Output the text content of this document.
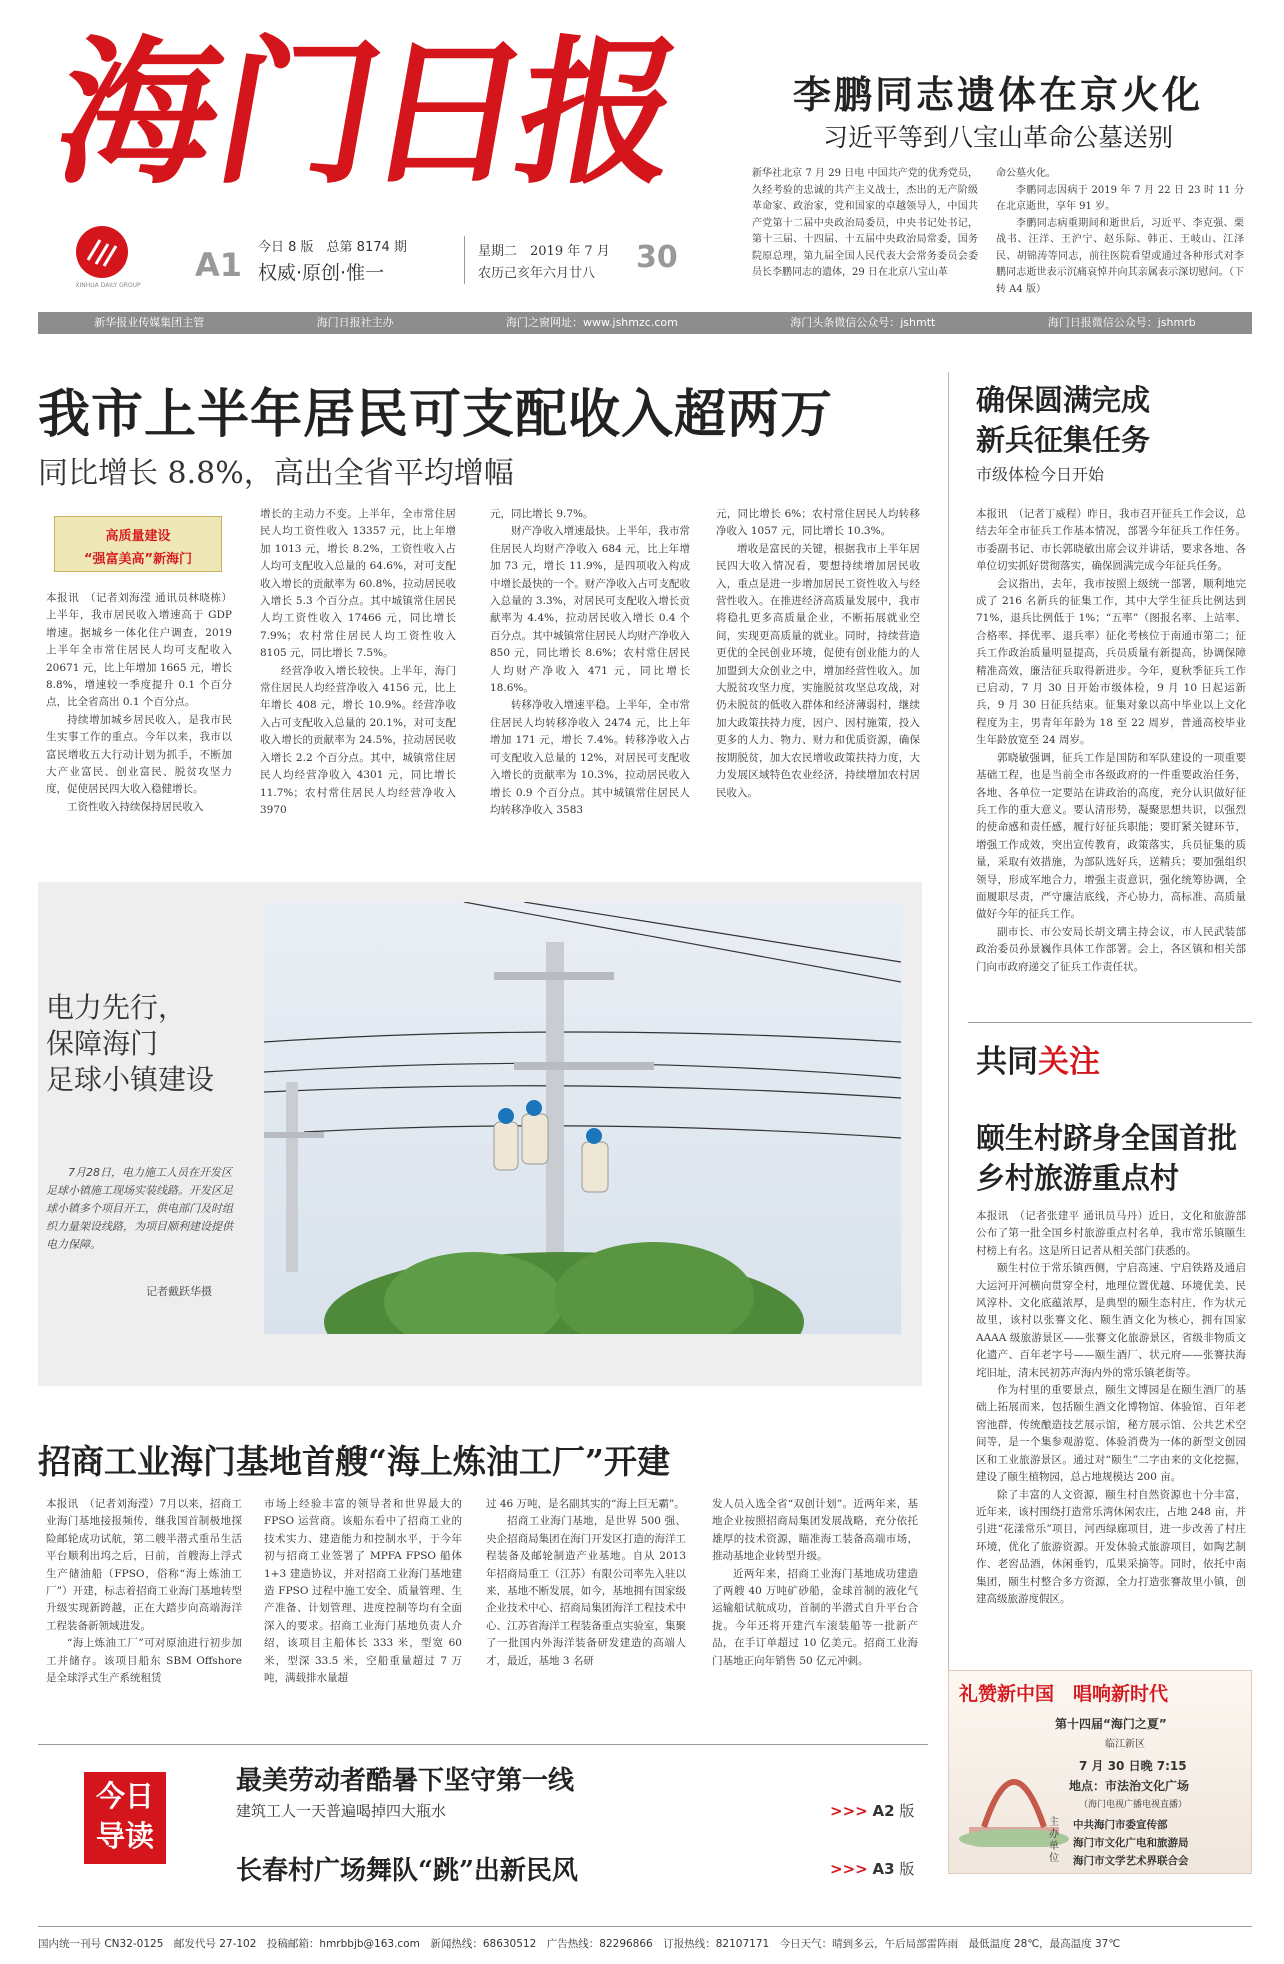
海
门
日
报
XINHUA DAILY GROUP
A1 今日 8 版　总第 8174 期
权威·原创·惟一
星期二　2019 年 7 月
农历己亥年六月廿八 30
李鹏同志遗体在京火化
习近平等到八宝山革命公墓送别

新华社北京 7 月 29 日电 中国共产党的优秀党员，久经考验的忠诚的共产主义战士，杰出的无产阶级革命家、政治家，党和国家的卓越领导人，中国共产党第十二届中央政治局委员，中央书记处书记，第十三届、十四届、十五届中央政治局常委，国务院原总理，第九届全国人民代表大会常务委员会委员长李鹏同志的遗体，29 日在北京八宝山革

命公墓火化。

李鹏同志因病于 2019 年 7 月 22 日 23 时 11 分在北京逝世，享年 91 岁。

李鹏同志病重期间和逝世后，习近平、李克强、栗战书、汪洋、王沪宁、赵乐际、韩正、王岐山、江泽民、胡锦涛等同志，前往医院看望或通过各种形式对李鹏同志逝世表示沉痛哀悼并向其亲属表示深切慰问。（下转 A4 版）

新华报业传媒集团主管	海门日报社主办	海门之窗网址：www.jshmzc.com	海门头条微信公众号：jshmtt	海门日报微信公众号：jshmrb
我市上半年居民可支配收入超两万
同比增长 8.8%，高出全省平均增幅
高质量建设
“强富美高”新海门

本报讯　（记者刘海滢 通讯员林晓栋）上半年，我市居民收入增速高于 GDP 增速。据城乡一体化住户调查，2019 上半年全市常住居民人均可支配收入 20671 元，比上年增加 1665 元，增长 8.8%，增速较一季度提升 0.1 个百分点，比全省高出 0.1 个百分点。

持续增加城乡居民收入，是我市民生实事工作的重点。今年以来，我市以富民增收五大行动计划为抓手，不断加大产业富民、创业富民、脱贫攻坚力度，促使居民四大收入稳健增长。

工资性收入持续保持居民收入

增长的主动力不变。上半年，全市常住居民人均工资性收入 13357 元，比上年增加 1013 元，增长 8.2%，工资性收入占人均可支配收入总量的 64.6%，对可支配收入增长的贡献率为 60.8%，拉动居民收入增长 5.3 个百分点。其中城镇常住居民人均工资性收入 17466 元，同比增长 7.9%；农村常住居民人均工资性收入 8105 元，同比增长 7.5%。

经营净收入增长较快。上半年，海门常住居民人均经营净收入 4156 元，比上年增长 408 元，增长 10.9%。经营净收入占可支配收入总量的 20.1%，对可支配收入增长的贡献率为 24.5%，拉动居民收入增长 2.2 个百分点。其中，城镇常住居民人均经营净收入 4301 元，同比增长 11.7%；农村常住居民人均经营净收入 3970

元，同比增长 9.7%。

财产净收入增速最快。上半年，我市常住居民人均财产净收入 684 元，比上年增加 73 元，增长 11.9%，是四项收入构成中增长最快的一个。财产净收入占可支配收入总量的 3.3%，对居民可支配收入增长贡献率为 4.4%，拉动居民收入增长 0.4 个百分点。其中城镇常住居民人均财产净收入 850 元，同比增长 8.6%；农村常住居民人均财产净收入 471 元，同比增长 18.6%。

转移净收入增速平稳。上半年，全市常住居民人均转移净收入 2474 元，比上年增加 171 元，增长 7.4%。转移净收入占可支配收入总量的 12%，对居民可支配收入增长的贡献率为 10.3%，拉动居民收入增长 0.9 个百分点。其中城镇常住居民人均转移净收入 3583

元，同比增长 6%；农村常住居民人均转移净收入 1057 元，同比增长 10.3%。

增收是富民的关键，根据我市上半年居民四大收入情况看，要想持续增加居民收入，重点是进一步增加居民工资性收入与经营性收入。在推进经济高质量发展中，我市将稳扎更多高质量企业，不断拓展就业空间，实现更高质量的就业。同时，持续营造更优的全民创业环境，促使有创业能力的人加盟到大众创业之中，增加经营性收入。加大脱贫攻坚力度，实施脱贫攻坚总攻战，对仍未脱贫的低收入群体和经济薄弱村，继续加大政策扶持力度，因户、因村施策，投入更多的人力、物力、财力和优质资源，确保按期脱贫，加大农民增收政策扶持力度，大力发展区域特色农业经济，持续增加农村居民收入。

电力先行，
保障海门
足球小镇建设
7月28日，电力施工人员在开发区足球小镇施工现场实装线路。开发区足球小镇多个项目开工，供电部门及时组织力量架设线路，为项目顺利建设提供电力保障。
记者戴跃华摄
招商工业海门基地首艘“海上炼油工厂”开建

本报讯　（记者刘海滢）7月以来，招商工业海门基地接报频传，继我国首制极地探险邮轮成功试航，第二艘半潜式重吊生活平台顺利出坞之后，日前，首艘海上浮式生产储油船（FPSO，俗称“海上炼油工厂”）开建，标志着招商工业海门基地转型升级实现新跨越，正在大踏步向高端海洋工程装备新领域进发。

“海上炼油工厂”可对原油进行初步加工并储存。该项目船东 SBM Offshore 是全球浮式生产系统租赁

市场上经验丰富的领导者和世界最大的 FPSO 运营商。该船东看中了招商工业的技术实力、建造能力和控制水平，于今年初与招商工业签署了 MPFA FPSO 船体 1+3 建造协议，并对招商工业海门基地建造 FPSO 过程中施工安全、质量管理、生产准备、计划管理、进度控制等均有全面深入的要求。招商工业海门基地负责人介绍，该项目主船体长 333 米，型宽 60 米，型深 33.5 米，空船重量超过 7 万吨，满载排水量超

过 46 万吨，是名副其实的“海上巨无霸”。

招商工业海门基地，是世界 500 强、央企招商局集团在海门开发区打造的海洋工程装备及邮轮制造产业基地。自从 2013 年招商局重工（江苏）有限公司率先入驻以来，基地不断发展，如今，基地拥有国家级企业技术中心、招商局集团海洋工程技术中心、江苏省海洋工程装备重点实验室，集聚了一批国内外海洋装备研发建造的高端人才，最近，基地 3 名研

发人员入选全省“双创计划”。近两年来，基地企业按照招商局集团发展战略，充分依托雄厚的技术资源，瞄准海工装备高端市场，推动基地企业转型升级。

近两年来，招商工业海门基地成功建造了两艘 40 万吨矿砂船，金球首制的液化气运输船试航成功，首制的半潜式自升平台合拢。今年还将开建汽车滚装船等一批新产品，在手订单超过 10 亿美元。招商工业海门基地正向年销售 50 亿元冲刺。

确保圆满完成
新兵征集任务
市级体检今日开始

本报讯　（记者丁威程）昨日，我市召开征兵工作会议，总结去年全市征兵工作基本情况，部署今年征兵工作任务。市委副书记、市长郭晓敏出席会议并讲话，要求各地、各单位切实抓好贯彻落实，确保圆满完成今年征兵任务。

会议指出，去年，我市按照上级统一部署，顺利地完成了 216 名新兵的征集工作，其中大学生征兵比例达到 71%，退兵比例低于 1%；“五率”（图报名率、上站率、合格率、择优率、退兵率）征化考核位于南通市第二；征兵工作政治质量明显提高，兵员质量有新提高，协调保障精准高效，廉洁征兵取得新进步。今年，夏秋季征兵工作已启动，7 月 30 日开始市级体检，9 月 10 日起运新兵，9 月 30 日征兵结束。征集对象以高中毕业以上文化程度为主，男青年年龄为 18 至 22 周岁，普通高校毕业生年龄放宽至 24 周岁。

郭晓敏强调，征兵工作是国防和军队建设的一项重要基础工程，也是当前全市各级政府的一件重要政治任务，各地、各单位一定要站在讲政治的高度，充分认识做好征兵工作的重大意义。要认清形势，凝聚思想共识，以强烈的使命感和责任感，履行好征兵职能；要盯紧关键环节，增强工作成效，突出宣传教育，政策落实，兵员征集的质量，采取有效措施，为部队选好兵，送精兵；要加强组织领导，形成军地合力，增强主责意识，强化统筹协调，全面履职尽责，严守廉洁底线，齐心协力，高标准、高质量做好今年的征兵工作。

副市长、市公安局长胡文璃主持会议，市人民武装部政治委员孙景巍作具体工作部署。会上，各区镇和相关部门向市政府递交了征兵工作责任状。

共同关注
颐生村跻身全国首批
乡村旅游重点村

本报讯　（记者张建平 通讯员马丹）近日，文化和旅游部公布了第一批全国乡村旅游重点村名单，我市常乐镇颐生村榜上有名。这是所日记者从相关部门获悉的。

颐生村位于常乐镇西侧，宁启高速、宁启铁路及通启大运河开河横向贯穿全村，地理位置优越、环境优美、民风淳朴、文化底蕴浓厚，是典型的颐生态村庄，作为状元故里，该村以张謇文化、颐生酒文化为核心，拥有国家 AAAA 级旅游景区——张謇文化旅游景区，省级非物质文化遗产、百年老字号——颐生酒厂、状元府——张謇扶海垞旧址，清末民初苏声海内外的常乐镇老街等。

作为村里的重要景点，颐生文博园是在颐生酒厂的基础上拓展而来，包括颐生酒文化博物馆、体验馆、百年老窖池群，传统酿造技艺展示馆，秘方展示馆、公共艺术空间等，是一个集参观游览、体验消费为一体的新型文创园区和工业旅游景区。通过对“颐生”二字由来的文化挖掘，建设了颐生植物园，总占地规模达 200 亩。

除了丰富的人文资源，颐生村自然资源也十分丰富，近年来，该村围绕打造常乐湾休闲农庄，占地 248 亩，并引进“花漾常乐”项目，河西绿廊项目，进一步改善了村庄环境，优化了旅游资源。开发休验式旅游项目，如陶艺制作、老窖品酒，休闲垂钓，瓜果采摘等。同时，依托中南集团，颐生村整合多方资源，全力打造张謇故里小镇，创建高级旅游度假区。

礼赞新中国　唱响新时代
第十四届“海门之夏”
临江新区
7 月 30 日晚 7:15
地点：市法治文化广场
（海门电视广播电视直播）
主办单位
中共海门市委宣传部
海门市文化广电和旅游局
海门市文学艺术界联合会
今日
导读
最美劳动者酷暑下坚守第一线
建筑工人一天普遍喝掉四大瓶水	>>> A2 版
长春村广场舞队“跳”出新民风	>>> A3 版
国内统一刊号 CN32-0125　邮发代号 27-102　投稿邮箱：hmrbbjb@163.com　新闻热线：68630512　广告热线：82296866　订报热线：82107171　今日天气：晴到多云，午后局部雷阵雨　最低温度 28℃，最高温度 37℃
